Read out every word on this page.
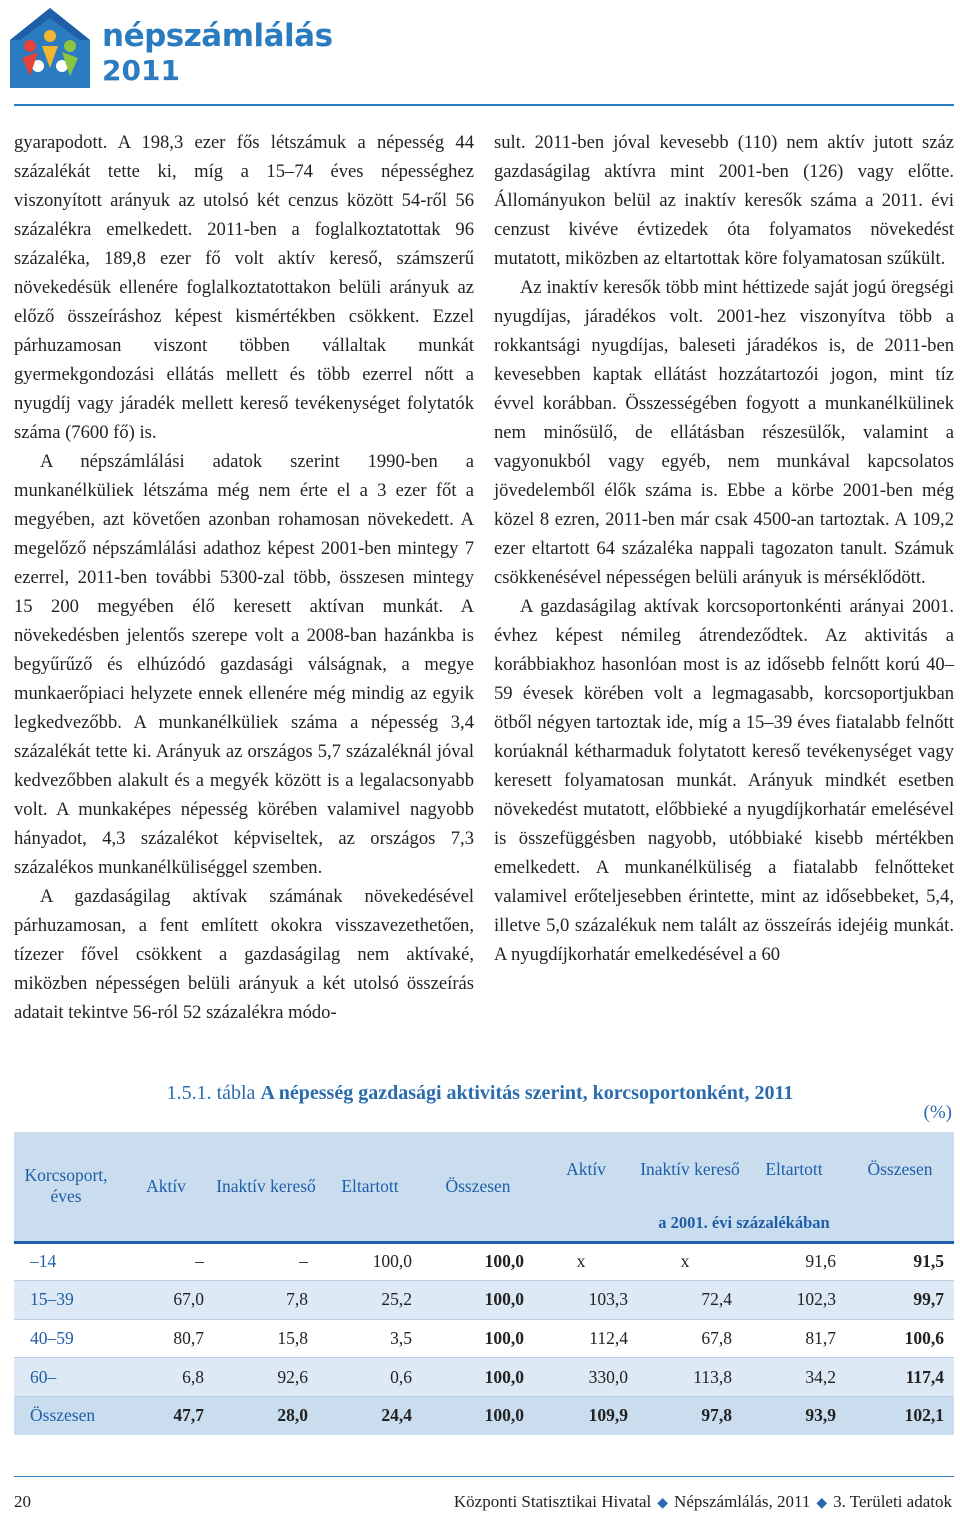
népszámlálás
2011

gyarapodott. A 198,3 ezer fős létszámuk a népesség 44 százalékát tette ki, míg a 15–74 éves népességhez viszonyított arányuk az utolsó két cenzus között 54-ről 56 százalékra emelkedett. 2011-ben a foglalkoztatottak 96 százaléka, 189,8 ezer fő volt aktív kereső, számszerű növekedésük ellenére foglalkoztatottakon belüli arányuk az előző összeíráshoz képest kismértékben csökkent. Ezzel párhuzamosan viszont többen vállaltak munkát gyermekgondozási ellátás mellett és több ezerrel nőtt a nyugdíj vagy járadék mellett kereső tevékenységet folytatók száma (7600 fő) is.

A népszámlálási adatok szerint 1990-ben a munkanélküliek létszáma még nem érte el a 3 ezer főt a megyében, azt követően azonban rohamosan növekedett. A megelőző népszámlálási adathoz képest 2001-ben mintegy 7 ezerrel, 2011-ben további 5300-zal több, összesen mintegy 15 200 megyében élő keresett aktívan munkát. A növekedésben jelentős szerepe volt a 2008-ban hazánkba is begyűrűző és elhúzódó gazdasági válságnak, a megye munkaerőpiaci helyzete ennek ellenére még mindig az egyik legkedvezőbb. A munkanélküliek száma a népesség 3,4 százalékát tette ki. Arányuk az országos 5,7 százaléknál jóval kedvezőbben alakult és a megyék között is a legalacsonyabb volt. A munkaképes népesség körében valamivel nagyobb hányadot, 4,3 százalékot képviseltek, az országos 7,3 százalékos munkanélküliséggel szemben.

A gazdaságilag aktívak számának növekedésével párhuzamosan, a fent említett okokra visszavezethetően, tízezer fővel csökkent a gazdaságilag nem aktívaké, miközben népességen belüli arányuk a két utolsó összeírás adatait tekintve 56-ról 52 százalékra módo-

sult. 2011-ben jóval kevesebb (110) nem aktív jutott száz gazdaságilag aktívra mint 2001-ben (126) vagy előtte. Állományukon belül az inaktív keresők száma a 2011. évi cenzust kivéve évtizedek óta folyamatos növekedést mutatott, miközben az eltartottak köre folyamatosan szűkült.

Az inaktív keresők több mint héttizede saját jogú öregségi nyugdíjas, járadékos volt. 2001-hez viszonyítva több a rokkantsági nyugdíjas, baleseti járadékos is, de 2011-ben kevesebben kaptak ellátást hozzátartozói jogon, mint tíz évvel korábban. Összességében fogyott a munkanélkülinek nem minősülő, de ellátásban részesülők, valamint a vagyonukból vagy egyéb, nem munkával kapcsolatos jövedelemből élők száma is. Ebbe a körbe 2001-ben még közel 8 ezren, 2011-ben már csak 4500-an tartoztak. A 109,2 ezer eltartott 64 százaléka nappali tagozaton tanult. Számuk csökkenésével népességen belüli arányuk is mérséklődött.

A gazdaságilag aktívak korcsoportonkénti arányai 2001. évhez képest némileg átrendeződtek. Az aktivitás a korábbiakhoz hasonlóan most is az idősebb felnőtt korú 40–59 évesek körében volt a legmagasabb, korcsoportjukban ötből négyen tartoztak ide, míg a 15–39 éves fiatalabb felnőtt korúaknál kétharmaduk folytatott kereső tevékenységet vagy keresett folyamatosan munkát. Arányuk mindkét esetben növekedést mutatott, előbbieké a nyugdíjkorhatár emelésével is összefüggésben nagyobb, utóbbiaké kisebb mértékben emelkedett. A munkanélküliség a fiatalabb felnőtteket valamivel erőteljesebben érintette, mint az idősebbeket, 5,4, illetve 5,0 százalékuk nem talált az összeírás idejéig munkát. A nyugdíjkorhatár emelkedésével a 60

1.5.1. tábla A népesség gazdasági aktivitás szerint, korcsoportonként, 2011
(%)
Korcsoport, éves	Aktív	Inaktív kereső	Eltartott	Összesen	Aktív	Inaktív kereső	Eltartott	Összesen
					a 2001. évi százalékában			
–14	–	–	100,0	100,0	x	x	91,6	91,5
15–39	67,0	7,8	25,2	100,0	103,3	72,4	102,3	99,7
40–59	80,7	15,8	3,5	100,0	112,4	67,8	81,7	100,6
60–	6,8	92,6	0,6	100,0	330,0	113,8	34,2	117,4
Összesen	47,7	28,0	24,4	100,0	109,9	97,8	93,9	102,1
20	Központi Statisztikai Hivatal ◆ Népszámlálás, 2011 ◆ 3. Területi adatok
